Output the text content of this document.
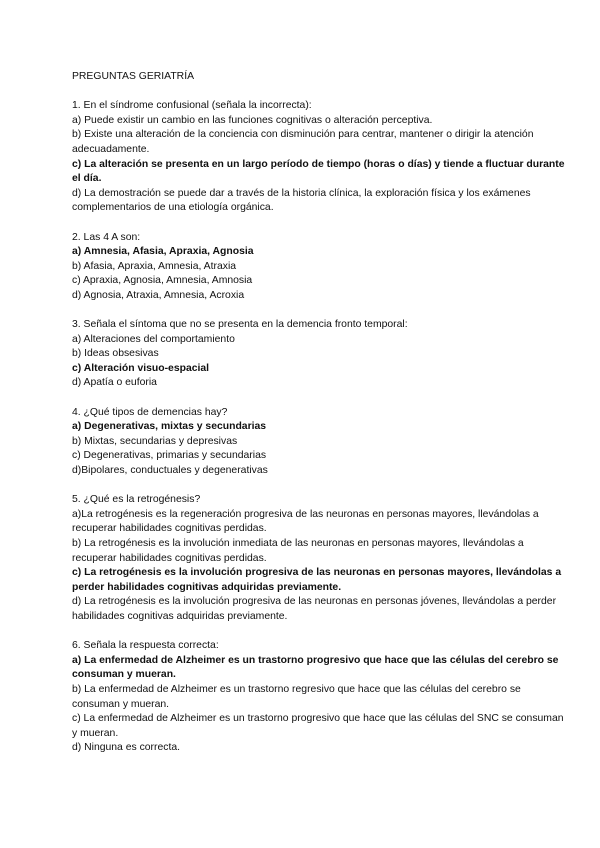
PREGUNTAS GERIATRÍA

1. En el síndrome confusional (señala la incorrecta):

a) Puede existir un cambio en las funciones cognitivas o alteración perceptiva.
b) Existe una alteración de la conciencia con disminución para centrar, mantener o dirigir la atención adecuadamente.
c) La alteración se presenta en un largo período de tiempo (horas o días) y tiende a fluctuar durante el día.
d) La demostración se puede dar a través de la historia clínica, la exploración física y los exámenes complementarios de una etiología orgánica.

2. Las 4 A son:

a) Amnesia, Afasia, Apraxia, Agnosia
b) Afasia, Apraxia, Amnesia, Atraxia
c) Apraxia, Agnosia, Amnesia, Amnosia
d) Agnosia, Atraxia, Amnesia, Acroxia

3. Señala el síntoma que no se presenta en la demencia fronto temporal:

a) Alteraciones del comportamiento
b) Ideas obsesivas
c) Alteración visuo-espacial
d) Apatía o euforia

4. ¿Qué tipos de demencias hay?

a) Degenerativas, mixtas y secundarias
b) Mixtas, secundarias y depresivas
c) Degenerativas, primarias y secundarias
d)Bipolares, conductuales y degenerativas

5. ¿Qué es la retrogénesis?

a)La retrogénesis es la regeneración progresiva de las neuronas en personas mayores, llevándolas a recuperar habilidades cognitivas perdidas.
b) La retrogénesis es la involución inmediata de las neuronas en personas mayores, llevándolas a recuperar habilidades cognitivas perdidas.
c) La retrogénesis es la involución progresiva de las neuronas en personas mayores, llevándolas a perder habilidades cognitivas adquiridas previamente.
d) La retrogénesis es la involución progresiva de las neuronas en personas jóvenes, llevándolas a perder habilidades cognitivas adquiridas previamente.

6. Señala la respuesta correcta:

a) La enfermedad de Alzheimer es un trastorno progresivo que hace que las células del cerebro se consuman y mueran.
b) La enfermedad de Alzheimer es un trastorno regresivo que hace que las células del cerebro se consuman y mueran.
c) La enfermedad de Alzheimer es un trastorno progresivo que hace que las células del SNC se consuman y mueran.
d) Ninguna es correcta.
